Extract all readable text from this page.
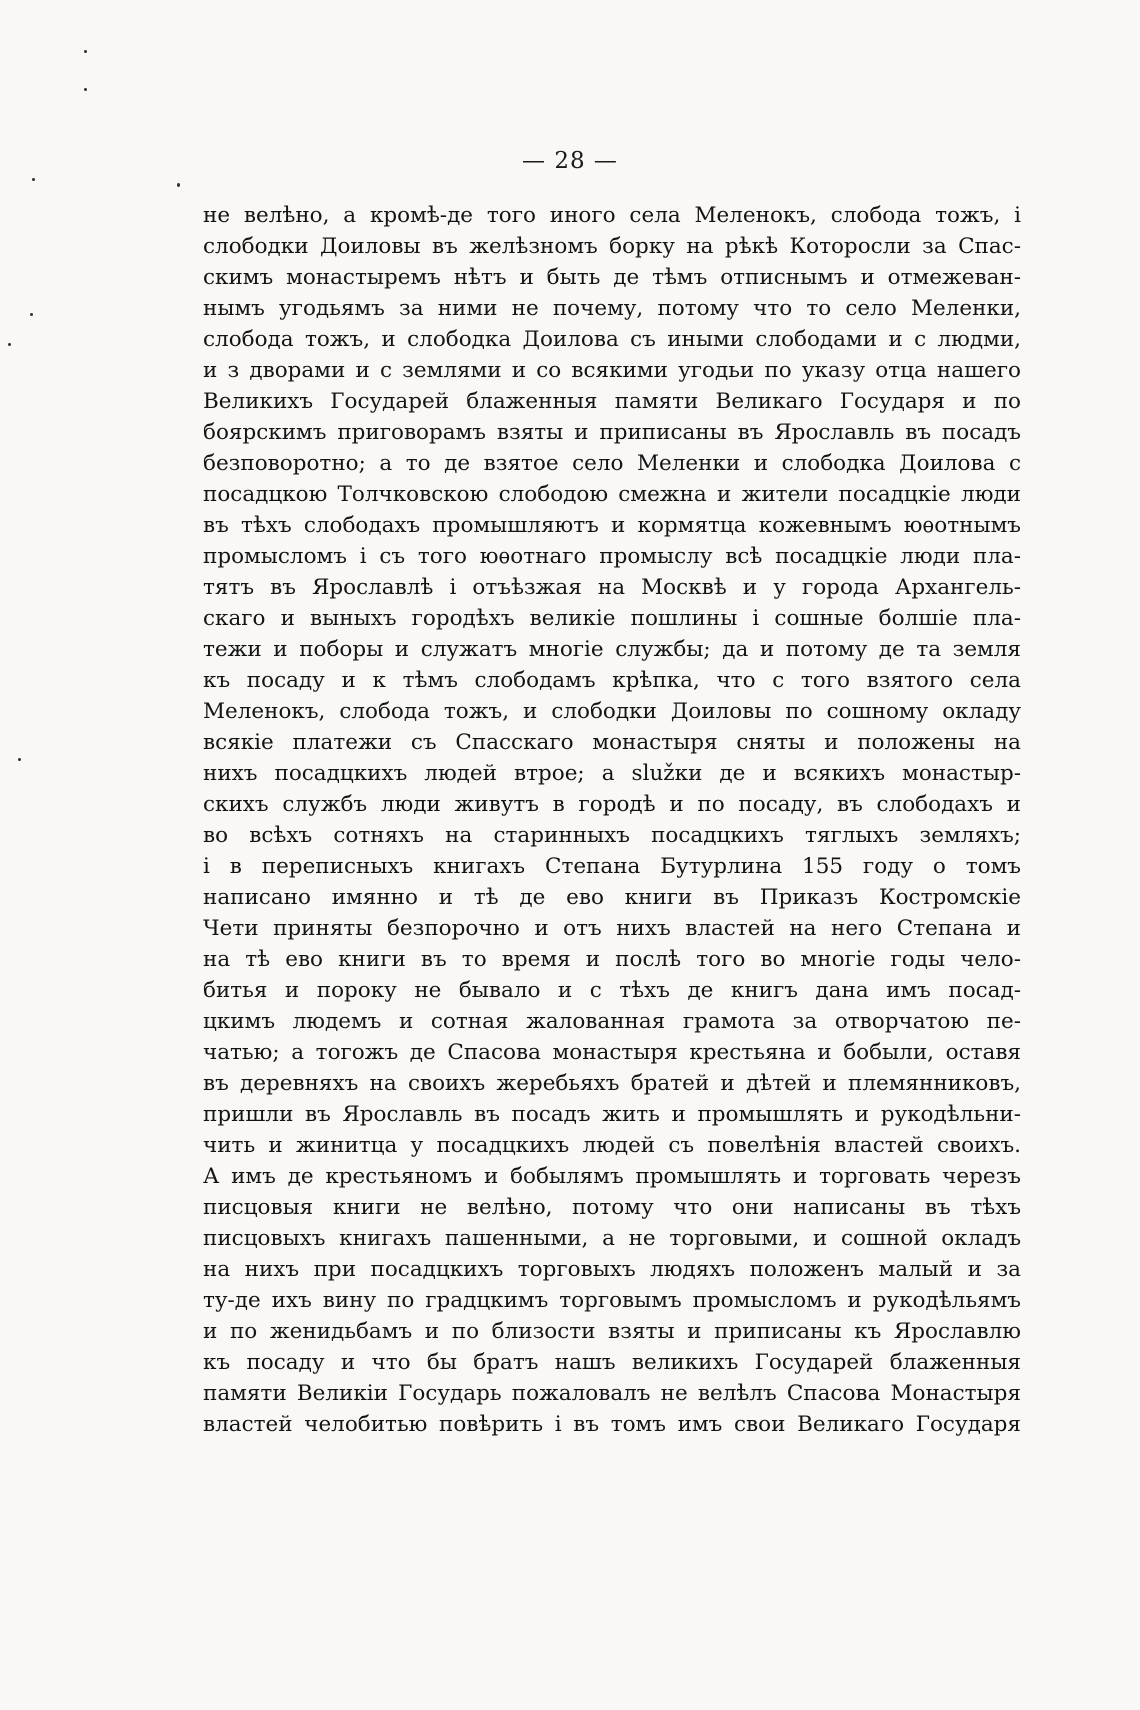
— 28 —
не велѣно, а кромѣ-де того иного села Меленокъ, слобода тожъ, і
слободки Доиловы въ желѣзномъ борку на рѣкѣ Которосли за Спас-
скимъ монастыремъ нѣтъ и быть де тѣмъ отписнымъ и отмежеван-
нымъ угодьямъ за ними не почему, потому что то село Меленки,
слобода тожъ, и слободка Доилова съ иными слободами и с людми,
и з дворами и с землями и со всякими угодьи по указу отца нашего
Великихъ Государей блаженныя памяти Великаго Государя и по
боярскимъ приговорамъ взяты и приписаны въ Ярославль въ посадъ
безповоротно; а то де взятое село Меленки и слободка Доилова с
посадцкою Толчковскою слободою смежна и жители посадцкіе люди
въ тѣхъ слободахъ промышляютъ и кормятца кожевнымъ юѳотнымъ
промысломъ і съ того юѳотнаго промыслу всѣ посадцкіе люди пла-
тятъ въ Ярославлѣ і отъѣзжая на Москвѣ и у города Архангель-
скаго и выныхъ городѣхъ великіе пошлины і сошные болшіе пла-
тежи и поборы и служатъ многіе службы; да и потому де та земля
къ посаду и к тѣмъ слободамъ крѣпка, что с того взятого села
Меленокъ, слобода тожъ, и слободки Доиловы по сошному окладу
всякіе платежи съ Спасскаго монастыря сняты и положены на
нихъ посадцкихъ людей втрое; а služки де и всякихъ монастыр-
скихъ службъ люди живутъ в городѣ и по посаду, въ слободахъ и
во всѣхъ сотняхъ на старинныхъ посадцкихъ тяглыхъ земляхъ;
і в переписныхъ книгахъ Степана Бутурлина 155 году о томъ
написано имянно и тѣ де ево книги въ Приказъ Костромскіе
Чети приняты безпорочно и отъ нихъ властей на него Степана и
на тѣ ево книги въ то время и послѣ того во многіе годы чело-
битья и пороку не бывало и с тѣхъ де книгъ дана имъ посад-
цкимъ людемъ и сотная жалованная грамота за отворчатою пе-
чатью; а тогожъ де Спасова монастыря крестьяна и бобыли, оставя
въ деревняхъ на своихъ жеребьяхъ братей и дѣтей и племянниковъ,
пришли въ Ярославль въ посадъ жить и промышлять и рукодѣльни-
чить и жинитца у посадцкихъ людей съ повелѣнія властей своихъ.
А имъ де крестьяномъ и бобылямъ промышлять и торговать черезъ
писцовыя книги не велѣно, потому что они написаны въ тѣхъ
писцовыхъ книгахъ пашенными, а не торговыми, и сошной окладъ
на нихъ при посадцкихъ торговыхъ людяхъ положенъ малый и за
ту-де ихъ вину по градцкимъ торговымъ промысломъ и рукодѣльямъ
и по женидьбамъ и по близости взяты и приписаны къ Ярославлю
къ посаду и что бы братъ нашъ великихъ Государей блаженныя
памяти Великіи Государь пожаловалъ не велѣлъ Спасова Монастыря
властей челобитью повѣрить і въ томъ имъ свои Великаго Государя
